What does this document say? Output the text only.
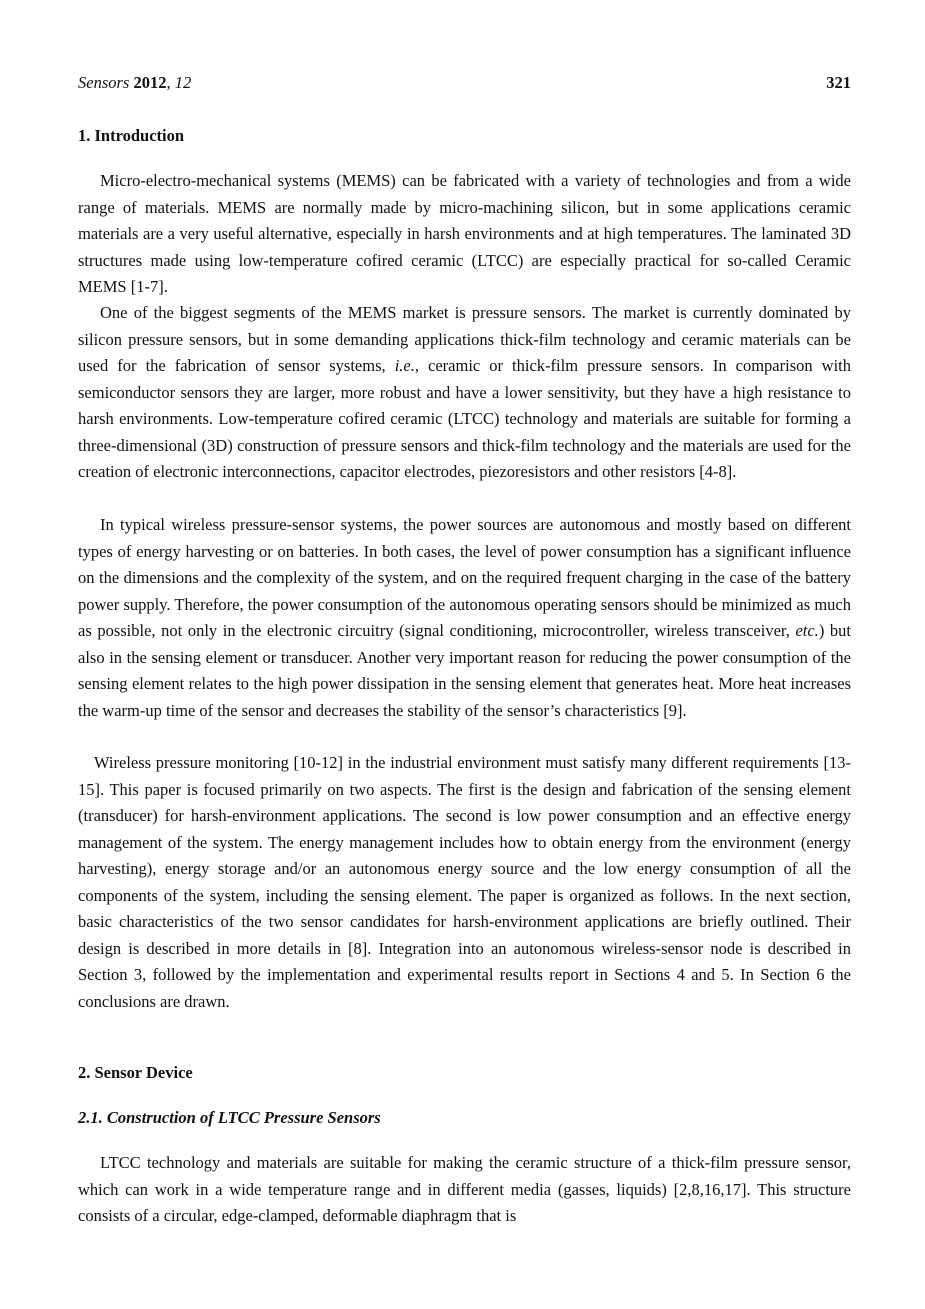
Sensors 2012, 12	321
1. Introduction

Micro-electro-mechanical systems (MEMS) can be fabricated with a variety of technologies and from a wide range of materials. MEMS are normally made by micro-machining silicon, but in some applications ceramic materials are a very useful alternative, especially in harsh environments and at high temperatures. The laminated 3D structures made using low-temperature cofired ceramic (LTCC) are especially practical for so-called Ceramic MEMS [1-7].

One of the biggest segments of the MEMS market is pressure sensors. The market is currently dominated by silicon pressure sensors, but in some demanding applications thick-film technology and ceramic materials can be used for the fabrication of sensor systems, i.e., ceramic or thick-film pressure sensors. In comparison with semiconductor sensors they are larger, more robust and have a lower sensitivity, but they have a high resistance to harsh environments. Low-temperature cofired ceramic (LTCC) technology and materials are suitable for forming a three-dimensional (3D) construction of pressure sensors and thick-film technology and the materials are used for the creation of electronic interconnections, capacitor electrodes, piezoresistors and other resistors [4-8].

In typical wireless pressure-sensor systems, the power sources are autonomous and mostly based on different types of energy harvesting or on batteries. In both cases, the level of power consumption has a significant influence on the dimensions and the complexity of the system, and on the required frequent charging in the case of the battery power supply. Therefore, the power consumption of the autonomous operating sensors should be minimized as much as possible, not only in the electronic circuitry (signal conditioning, microcontroller, wireless transceiver, etc.) but also in the sensing element or transducer. Another very important reason for reducing the power consumption of the sensing element relates to the high power dissipation in the sensing element that generates heat. More heat increases the warm-up time of the sensor and decreases the stability of the sensor’s characteristics [9].

Wireless pressure monitoring [10-12] in the industrial environment must satisfy many different requirements [13-15]. This paper is focused primarily on two aspects. The first is the design and fabrication of the sensing element (transducer) for harsh-environment applications. The second is low power consumption and an effective energy management of the system. The energy management includes how to obtain energy from the environment (energy harvesting), energy storage and/or an autonomous energy source and the low energy consumption of all the components of the system, including the sensing element. The paper is organized as follows. In the next section, basic characteristics of the two sensor candidates for harsh-environment applications are briefly outlined. Their design is described in more details in [8]. Integration into an autonomous wireless-sensor node is described in Section 3, followed by the implementation and experimental results report in Sections 4 and 5. In Section 6 the conclusions are drawn.

2. Sensor Device
2.1. Construction of LTCC Pressure Sensors

LTCC technology and materials are suitable for making the ceramic structure of a thick-film pressure sensor, which can work in a wide temperature range and in different media (gasses, liquids) [2,8,16,17]. This structure consists of a circular, edge-clamped, deformable diaphragm that is
